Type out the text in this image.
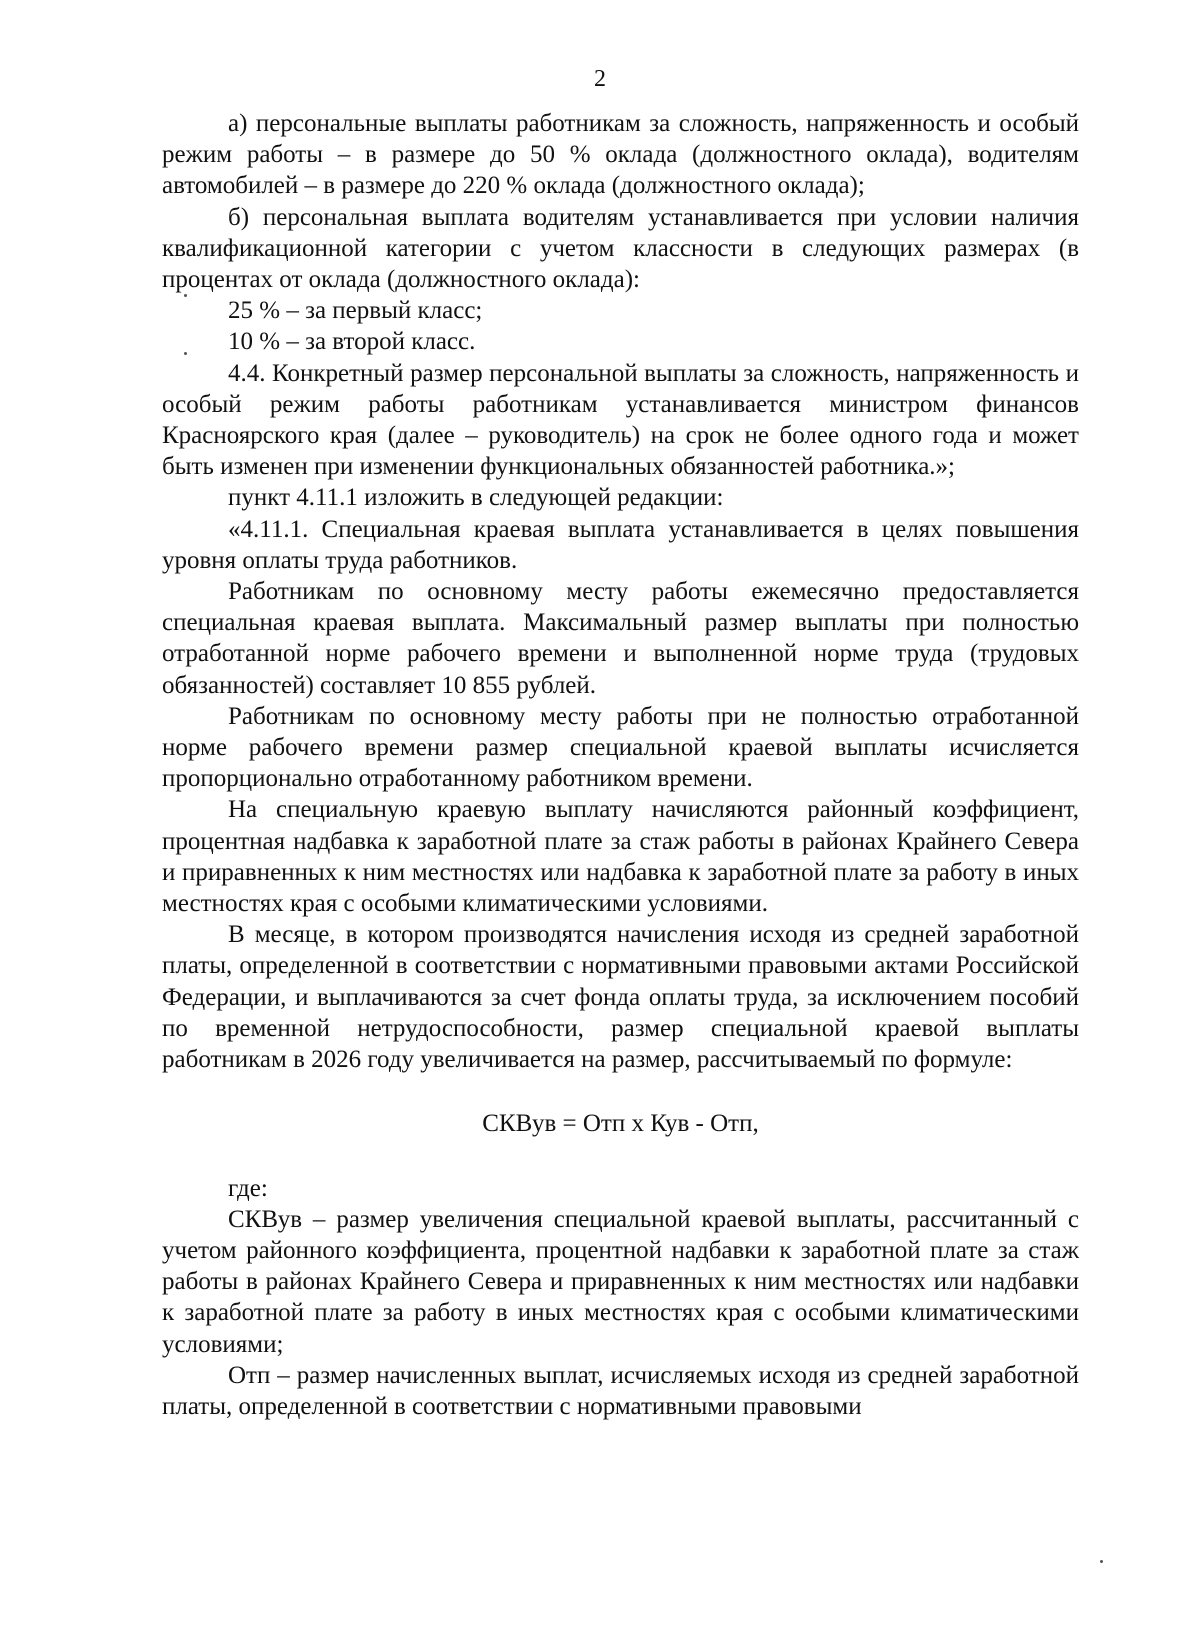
2

а) персональные выплаты работникам за сложность, напряженность и особый режим работы – в размере до 50 % оклада (должностного оклада), водителям автомобилей – в размере до 220 % оклада (должностного оклада);

б) персональная выплата водителям устанавливается при условии наличия квалификационной категории с учетом классности в следующих размерах (в процентах от оклада (должностного оклада):

25 % – за первый класс;

10 % – за второй класс.

4.4. Конкретный размер персональной выплаты за сложность, напряженность и особый режим работы работникам устанавливается министром финансов Красноярского края (далее – руководитель) на срок не более одного года и может быть изменен при изменении функциональных обязанностей работника.»;

пункт 4.11.1 изложить в следующей редакции:

«4.11.1. Специальная краевая выплата устанавливается в целях повышения уровня оплаты труда работников.

Работникам по основному месту работы ежемесячно предоставляется специальная краевая выплата. Максимальный размер выплаты при полностью отработанной норме рабочего времени и выполненной норме труда (трудовых обязанностей) составляет 10 855 рублей.

Работникам по основному месту работы при не полностью отработанной норме рабочего времени размер специальной краевой выплаты исчисляется пропорционально отработанному работником времени.

На специальную краевую выплату начисляются районный коэффициент, процентная надбавка к заработной плате за стаж работы в районах Крайнего Севера и приравненных к ним местностях или надбавка к заработной плате за работу в иных местностях края с особыми климатическими условиями.

В месяце, в котором производятся начисления исходя из средней заработной платы, определенной в соответствии с нормативными правовыми актами Российской Федерации, и выплачиваются за счет фонда оплаты труда, за исключением пособий по временной нетрудоспособности, размер специальной краевой выплаты работникам в 2026 году увеличивается на размер, рассчитываемый по формуле:

СКВув = Отп х Кув - Отп,

где:

СКВув – размер увеличения специальной краевой выплаты, рассчитанный с учетом районного коэффициента, процентной надбавки к заработной плате за стаж работы в районах Крайнего Севера и приравненных к ним местностях или надбавки к заработной плате за работу в иных местностях края с особыми климатическими условиями;

Отп – размер начисленных выплат, исчисляемых исходя из средней заработной платы, определенной в соответствии с нормативными правовыми
